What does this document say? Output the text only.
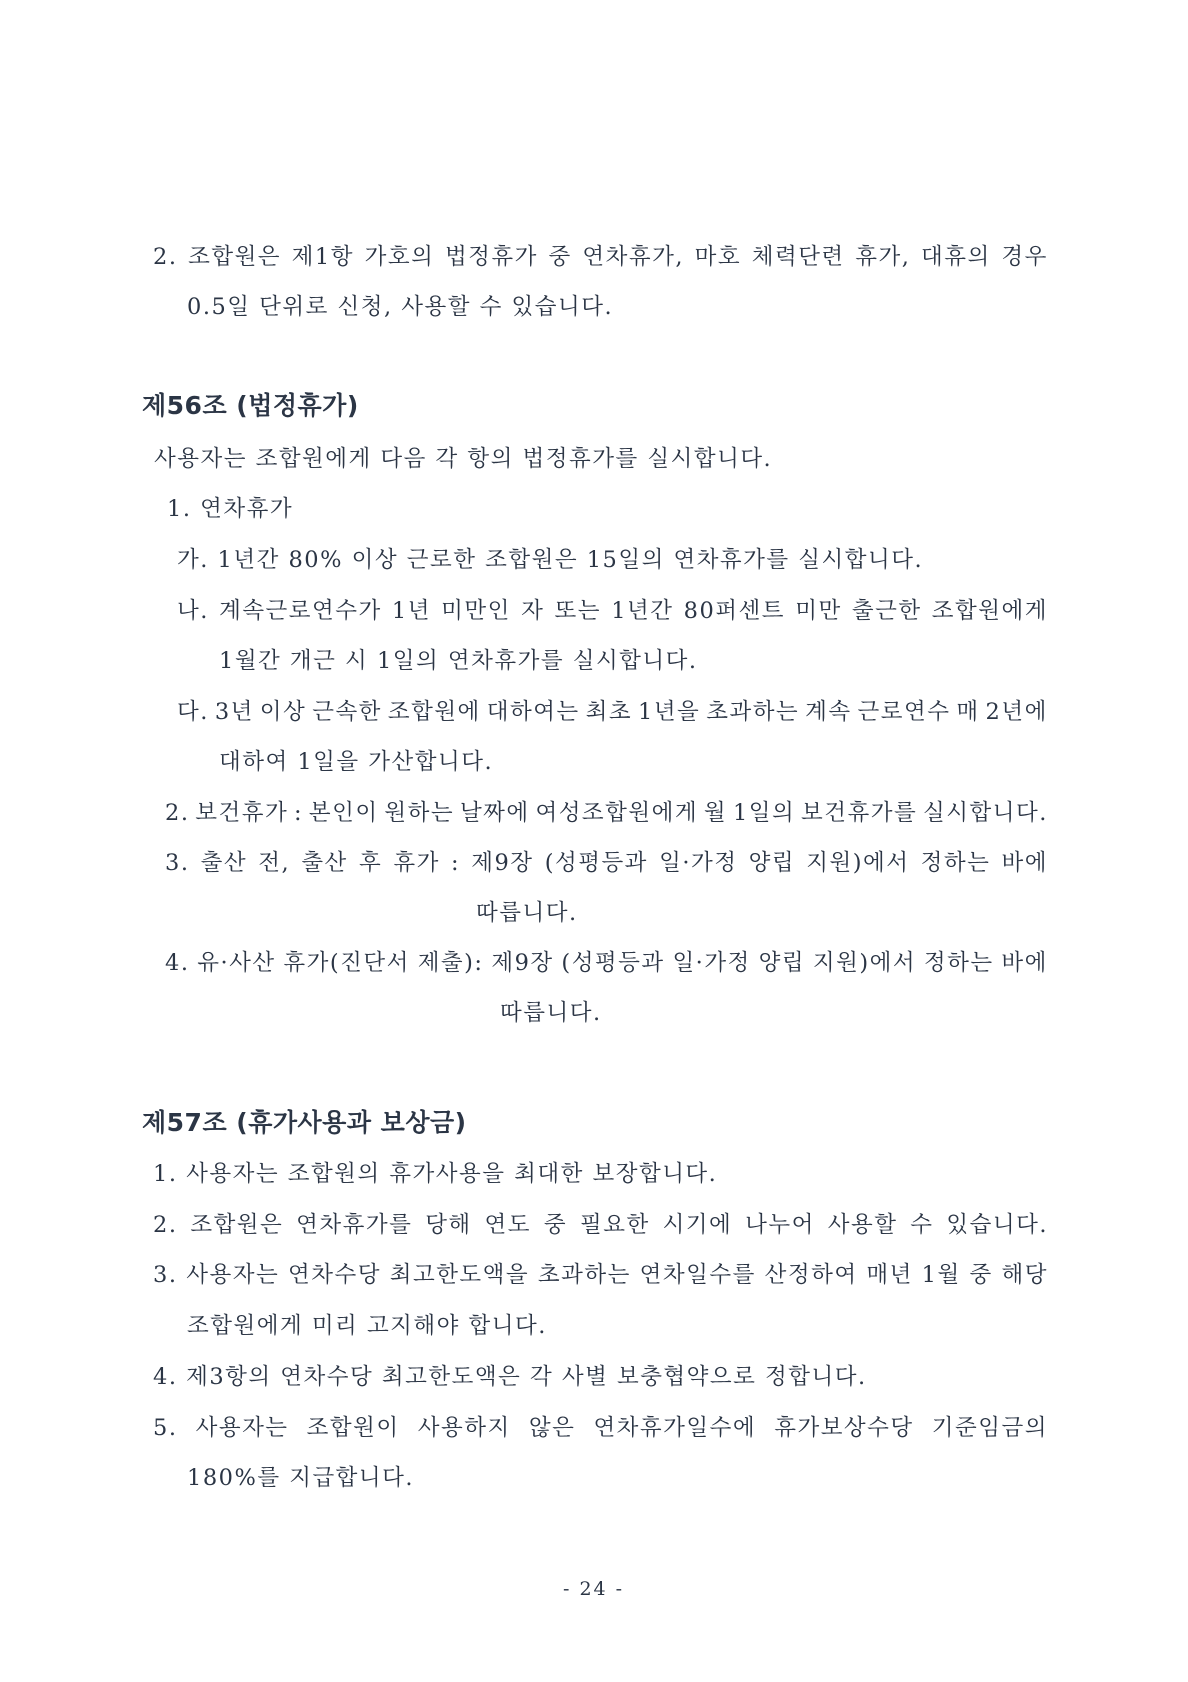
2. 조합원은 제1항 가호의 법정휴가 중 연차휴가, 마호 체력단련 휴가, 대휴의 경우
0.5일 단위로 신청, 사용할 수 있습니다.
제56조 (법정휴가)
사용자는 조합원에게 다음 각 항의 법정휴가를 실시합니다.
1. 연차휴가
가. 1년간 80% 이상 근로한 조합원은 15일의 연차휴가를 실시합니다.
나. 계속근로연수가 1년 미만인 자 또는 1년간 80퍼센트 미만 출근한 조합원에게
1월간 개근 시 1일의 연차휴가를 실시합니다.
다. 3년 이상 근속한 조합원에 대하여는 최초 1년을 초과하는 계속 근로연수 매 2년에
대하여 1일을 가산합니다.
2. 보건휴가 : 본인이 원하는 날짜에 여성조합원에게 월 1일의 보건휴가를 실시합니다.
3. 출산 전, 출산 후 휴가 : 제9장 (성평등과 일·가정 양립 지원)에서 정하는 바에
따릅니다.
4. 유·사산 휴가(진단서 제출): 제9장 (성평등과 일·가정 양립 지원)에서 정하는 바에
따릅니다.
제57조 (휴가사용과 보상금)
1. 사용자는 조합원의 휴가사용을 최대한 보장합니다.
2. 조합원은 연차휴가를 당해 연도 중 필요한 시기에 나누어 사용할 수 있습니다.
3. 사용자는 연차수당 최고한도액을 초과하는 연차일수를 산정하여 매년 1월 중 해당
조합원에게 미리 고지해야 합니다.
4. 제3항의 연차수당 최고한도액은 각 사별 보충협약으로 정합니다.
5. 사용자는 조합원이 사용하지 않은 연차휴가일수에 휴가보상수당 기준임금의
180%를 지급합니다.
- 24 -
